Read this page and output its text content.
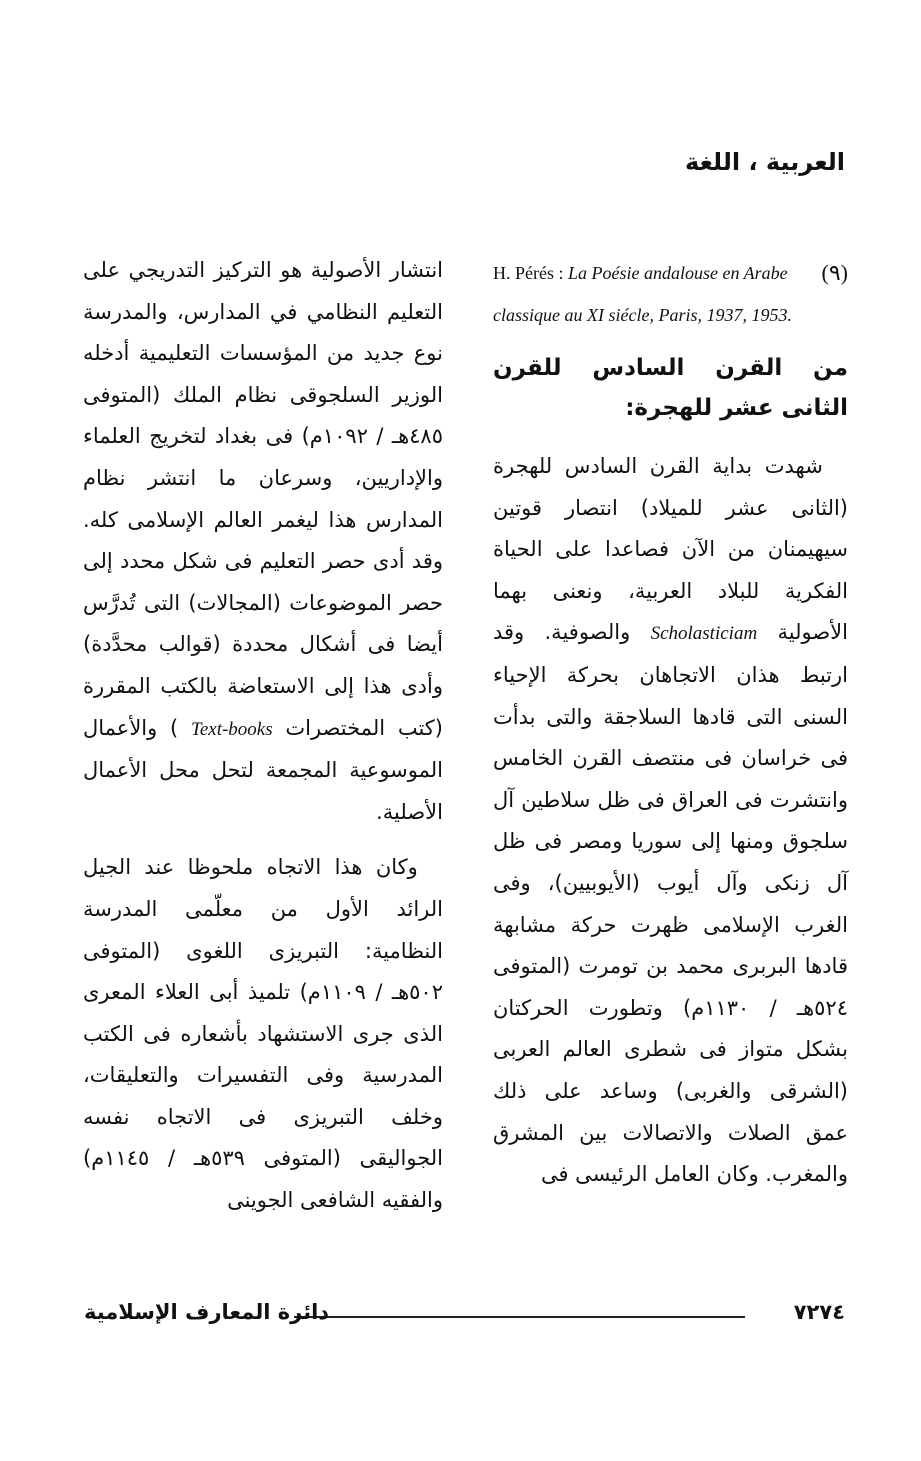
العربية ، اللغة
(٩)
H. Pérés : La Poésie andalouse en Arabe classique au XI siécle, Paris, 1937, 1953.
من القرن السادس للقرن الثانى عشر للهجرة:

شهدت بداية القرن السادس للهجرة (الثانى عشر للميلاد) انتصار قوتين سيهيمنان من الآن فصاعدا على الحياة الفكرية للبلاد العربية، ونعنى بهما الأصولية Scholasticiam والصوفية. وقد ارتبط هذان الاتجاهان بحركة الإحياء السنى التى قادها السلاجقة والتى بدأت فى خراسان فى منتصف القرن الخامس وانتشرت فى العراق فى ظل سلاطين آل سلجوق ومنها إلى سوريا ومصر فى ظل آل زنكى وآل أيوب (الأيوبيين)، وفى الغرب الإسلامى ظهرت حركة مشابهة قادها البربرى محمد بن تومرت (المتوفى ٥٢٤هـ / ١١٣٠م) وتطورت الحركتان بشكل متواز فى شطرى العالم العربى (الشرقى والغربى) وساعد على ذلك عمق الصلات والاتصالات بين المشرق والمغرب. وكان العامل الرئيسى فى

انتشار الأصولية هو التركيز التدريجي على التعليم النظامي في المدارس، والمدرسة نوع جديد من المؤسسات التعليمية أدخله الوزير السلجوقى نظام الملك (المتوفى ٤٨٥هـ / ١٠٩٢م) فى بغداد لتخريج العلماء والإداريين، وسرعان ما انتشر نظام المدارس هذا ليغمر العالم الإسلامى كله. وقد أدى حصر التعليم فى شكل محدد إلى حصر الموضوعات (المجالات) التى تُدرَّس أيضا فى أشكال محددة (قوالب محدَّدة) وأدى هذا إلى الاستعاضة بالكتب المقررة (كتب المختصرات Text-books ) والأعمال الموسوعية المجمعة لتحل محل الأعمال الأصلية.

وكان هذا الاتجاه ملحوظا عند الجيل الرائد الأول من معلّمى المدرسة النظامية: التبريزى اللغوى (المتوفى ٥٠٢هـ / ١١٠٩م) تلميذ أبى العلاء المعرى الذى جرى الاستشهاد بأشعاره فى الكتب المدرسية وفى التفسيرات والتعليقات، وخلف التبريزى فى الاتجاه نفسه الجواليقى (المتوفى ٥٣٩هـ / ١١٤٥م) والفقيه الشافعى الجوينى

٧٢٧٤
دائرة المعارف الإسلامية
